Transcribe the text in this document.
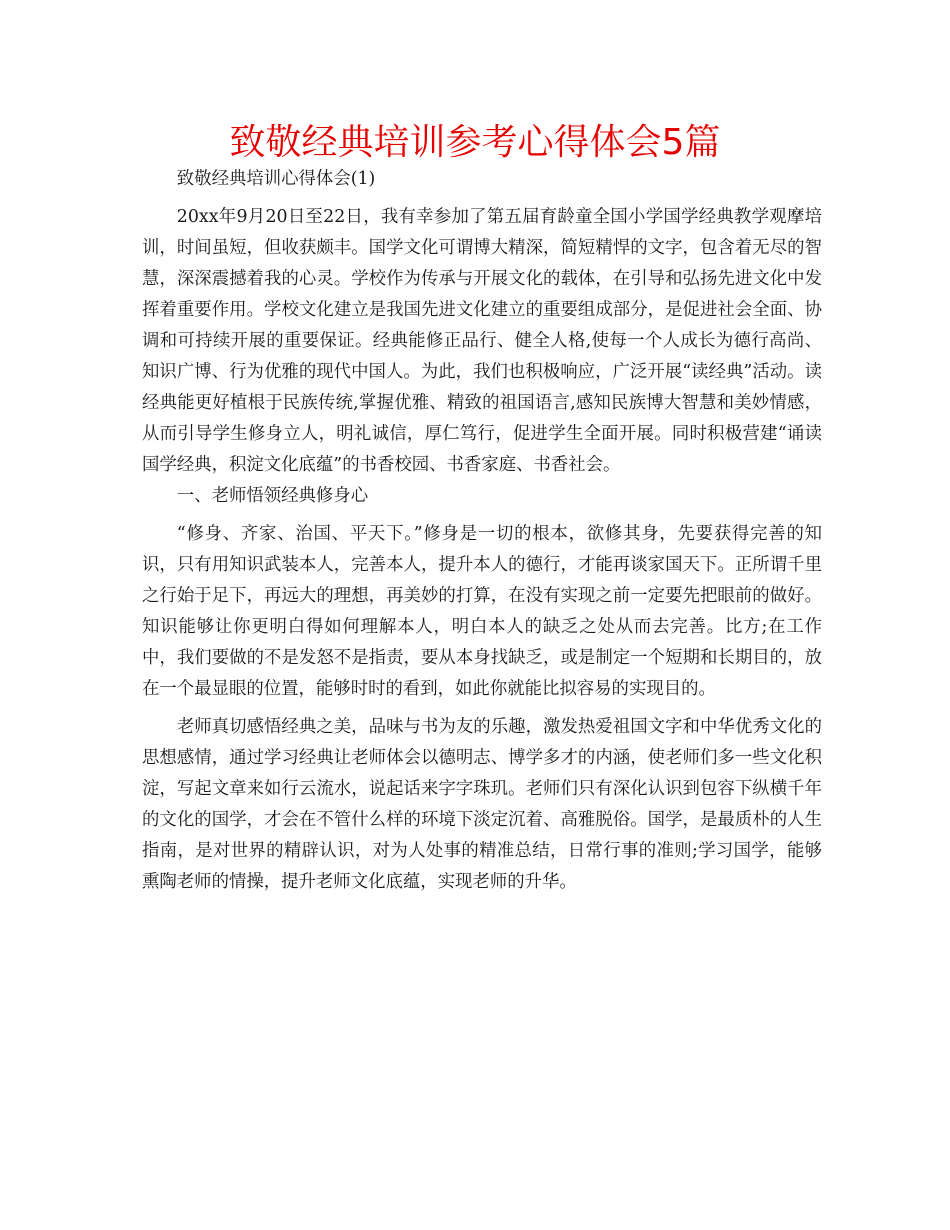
致敬经典培训参考心得体会5篇

致敬经典培训心得体会(1)

20xx年9月20日至22日，我有幸参加了第五届育龄童全国小学国学经典教学观摩培训，时间虽短，但收获颇丰。国学文化可谓博大精深，简短精悍的文字，包含着无尽的智慧，深深震撼着我的心灵。学校作为传承与开展文化的载体，在引导和弘扬先进文化中发挥着重要作用。学校文化建立是我国先进文化建立的重要组成部分，是促进社会全面、协调和可持续开展的重要保证。经典能修正品行、健全人格,使每一个人成长为德行高尚、知识广博、行为优雅的现代中国人。为此，我们也积极响应，广泛开展“读经典”活动。读经典能更好植根于民族传统,掌握优雅、精致的祖国语言,感知民族博大智慧和美妙情感，从而引导学生修身立人，明礼诚信，厚仁笃行，促进学生全面开展。同时积极营建“诵读国学经典，积淀文化底蕴”的书香校园、书香家庭、书香社会。

一、老师悟领经典修身心

“修身、齐家、治国、平天下。”修身是一切的根本，欲修其身，先要获得完善的知识，只有用知识武装本人，完善本人，提升本人的德行，才能再谈家国天下。正所谓千里之行始于足下，再远大的理想，再美妙的打算，在没有实现之前一定要先把眼前的做好。知识能够让你更明白得如何理解本人，明白本人的缺乏之处从而去完善。比方;在工作中，我们要做的不是发怒不是指责，要从本身找缺乏，或是制定一个短期和长期目的，放在一个最显眼的位置，能够时时的看到，如此你就能比拟容易的实现目的。

老师真切感悟经典之美，品味与书为友的乐趣，激发热爱祖国文字和中华优秀文化的思想感情，通过学习经典让老师体会以德明志、博学多才的内涵，使老师们多一些文化积淀，写起文章来如行云流水，说起话来字字珠玑。老师们只有深化认识到包容下纵横千年的文化的国学，才会在不管什么样的环境下淡定沉着、高雅脱俗。国学，是最质朴的人生指南，是对世界的精辟认识，对为人处事的精准总结，日常行事的准则;学习国学，能够熏陶老师的情操，提升老师文化底蕴，实现老师的升华。
